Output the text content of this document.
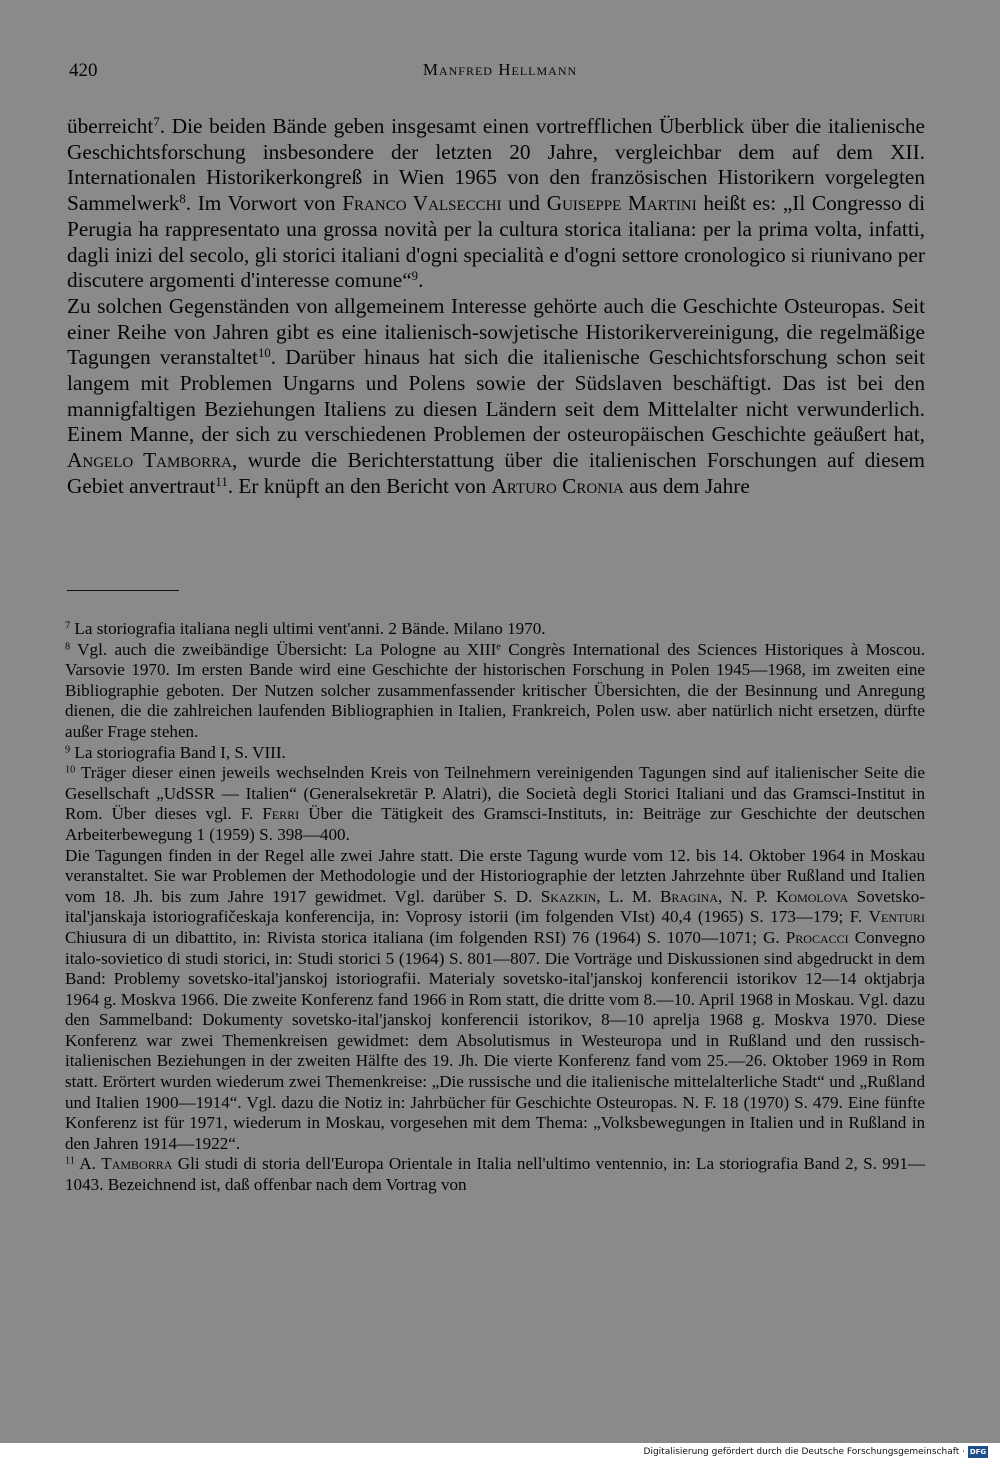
420	Manfred Hellmann

überreicht$^7$. Die beiden Bände geben insgesamt einen vortrefflichen Überblick über die italienische Geschichtsforschung insbesondere der letzten 20 Jahre, vergleichbar dem auf dem XII. Internationalen Historikerkongreß in Wien 1965 von den französischen Historikern vorgelegten Sammelwerk$^8$. Im Vorwort von Franco Valsecchi und Guiseppe Martini heißt es: „Il Congresso di Perugia ha rappresentato una grossa novità per la cultura storica italiana: per la prima volta, infatti, dagli inizi del secolo, gli storici italiani d'ogni specialità e d'ogni settore cronologico si riunivano per discutere argomenti d'interesse comune“$^9$.

Zu solchen Gegenständen von allgemeinem Interesse gehörte auch die Geschichte Osteuropas. Seit einer Reihe von Jahren gibt es eine italienisch-sowjetische Historikervereinigung, die regelmäßige Tagungen veranstaltet$^{10}$. Darüber hinaus hat sich die italienische Geschichtsforschung schon seit langem mit Problemen Ungarns und Polens sowie der Südslaven beschäftigt. Das ist bei den mannigfaltigen Beziehungen Italiens zu diesen Ländern seit dem Mittelalter nicht verwunderlich. Einem Manne, der sich zu verschiedenen Problemen der osteuropäischen Geschichte geäußert hat, Angelo Tamborra, wurde die Berichterstattung über die italienischen Forschungen auf diesem Gebiet anvertraut$^{11}$. Er knüpft an den Bericht von Arturo Cronia aus dem Jahre

$^7$ La storiografia italiana negli ultimi vent'anni. 2 Bände. Milano 1970.

$^8$ Vgl. auch die zweibändige Übersicht: La Pologne au XIIIe Congrès International des Sciences Historiques à Moscou. Varsovie 1970. Im ersten Bande wird eine Geschichte der historischen Forschung in Polen 1945—1968, im zweiten eine Bibliographie geboten. Der Nutzen solcher zusammenfassender kritischer Übersichten, die der Besinnung und Anregung dienen, die die zahlreichen laufenden Bibliographien in Italien, Frankreich, Polen usw. aber natürlich nicht ersetzen, dürfte außer Frage stehen.

$^9$ La storiografia Band I, S. VIII.

$^{10}$ Träger dieser einen jeweils wechselnden Kreis von Teilnehmern vereinigenden Tagungen sind auf italienischer Seite die Gesellschaft „UdSSR — Italien“ (Generalsekretär P. Alatri), die Società degli Storici Italiani und das Gramsci-Institut in Rom. Über dieses vgl. F. Ferri Über die Tätigkeit des Gramsci-Instituts, in: Beiträge zur Geschichte der deutschen Arbeiterbewegung 1 (1959) S. 398—400.

Die Tagungen finden in der Regel alle zwei Jahre statt. Die erste Tagung wurde vom 12. bis 14. Oktober 1964 in Moskau veranstaltet. Sie war Problemen der Methodologie und der Historiographie der letzten Jahrzehnte über Rußland und Italien vom 18. Jh. bis zum Jahre 1917 gewidmet. Vgl. darüber S. D. Skazkin, L. M. Bragina, N. P. Komolova Sovetsko-ital'janskaja istoriografičeskaja konferencija, in: Voprosy istorii (im folgenden VIst) 40,4 (1965) S. 173—179; F. Venturi Chiusura di un dibattito, in: Rivista storica italiana (im folgenden RSI) 76 (1964) S. 1070—1071; G. Procacci Convegno italo-sovietico di studi storici, in: Studi storici 5 (1964) S. 801—807. Die Vorträge und Diskussionen sind abgedruckt in dem Band: Problemy sovetsko-ital'janskoj istoriografii. Materialy sovetsko-ital'janskoj konferencii istorikov 12—14 oktjabrja 1964 g. Moskva 1966. Die zweite Konferenz fand 1966 in Rom statt, die dritte vom 8.—10. April 1968 in Moskau. Vgl. dazu den Sammelband: Dokumenty sovetsko-ital'janskoj konferencii istorikov, 8—10 aprelja 1968 g. Moskva 1970. Diese Konferenz war zwei Themenkreisen gewidmet: dem Absolutismus in Westeuropa und in Rußland und den russisch-italienischen Beziehungen in der zweiten Hälfte des 19. Jh. Die vierte Konferenz fand vom 25.—26. Oktober 1969 in Rom statt. Erörtert wurden wiederum zwei Themenkreise: „Die russische und die italienische mittelalterliche Stadt“ und „Rußland und Italien 1900—1914“. Vgl. dazu die Notiz in: Jahrbücher für Geschichte Osteuropas. N. F. 18 (1970) S. 479. Eine fünfte Konferenz ist für 1971, wiederum in Moskau, vorgesehen mit dem Thema: „Volksbewegungen in Italien und in Rußland in den Jahren 1914—1922“.

$^{11}$ A. Tamborra Gli studi di storia dell'Europa Orientale in Italia nell'ultimo ventennio, in: La storiografia Band 2, S. 991—1043. Bezeichnend ist, daß offenbar nach dem Vortrag von

Digitalisierung gefördert durch die Deutsche Forschungsgemeinschaft · DFG
